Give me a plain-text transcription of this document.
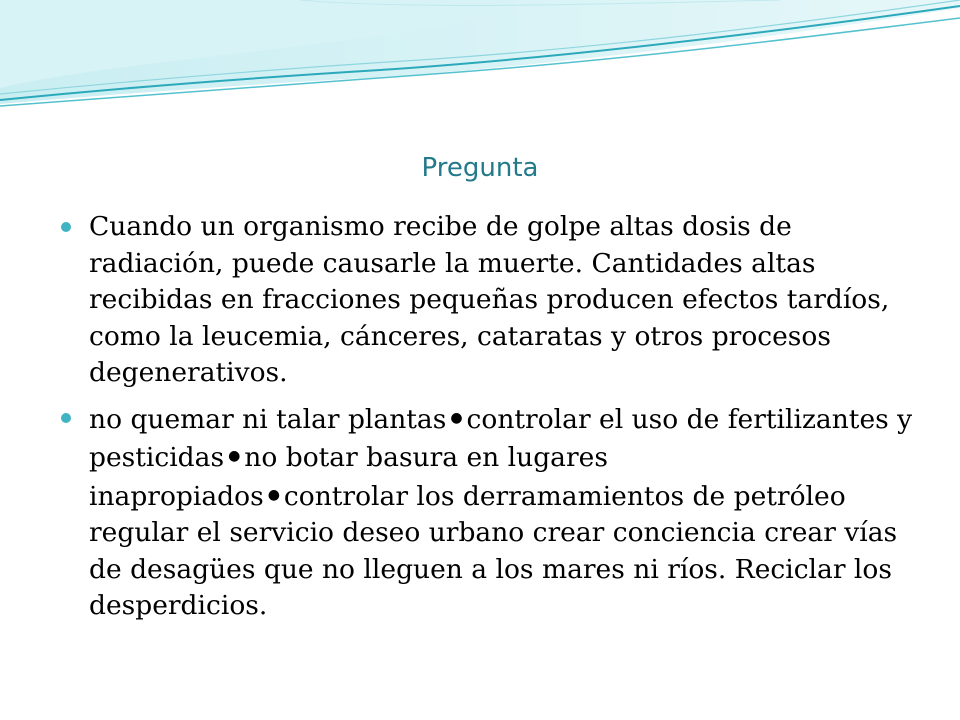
Pregunta
Cuando un organismo recibe de golpe altas dosis de radiación, puede causarle la muerte. Cantidades altas recibidas en fracciones pequeñas producen efectos tardíos, como la leucemia, cánceres, cataratas y otros procesos degenerativos.
no quemar ni talar plantas ● controlar el uso de fertilizantes y pesticidas ● no botar basura en lugares inapropiados ● controlar los derramamientos de petróleo regular el servicio deseo urbano crear conciencia crear vías de desagües que no lleguen a los mares ni ríos. Reciclar los desperdicios.
